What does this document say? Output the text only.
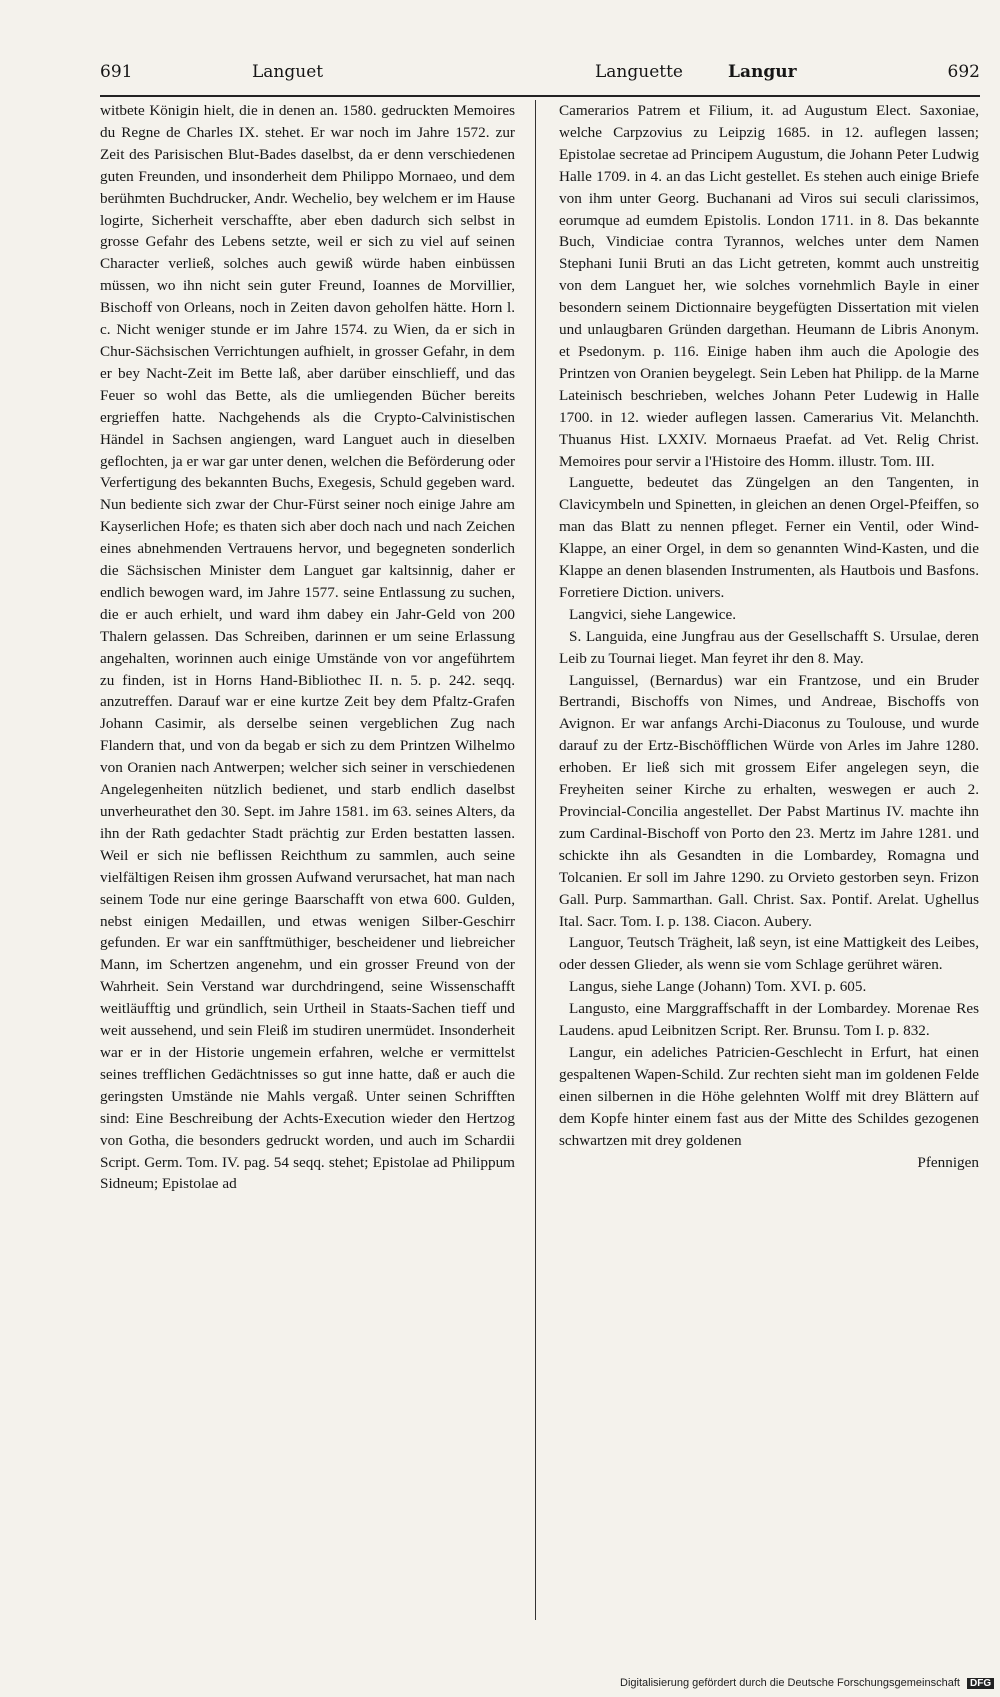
691	Languet	Languette	Langur	692

witbete Königin hielt, die in denen an. 1580. gedruckten Memoires du Regne de Charles IX. stehet. Er war noch im Jahre 1572. zur Zeit des Parisischen Blut-Bades daselbst, da er denn verschiedenen guten Freunden, und insonderheit dem Philippo Mornaeo, und dem berühmten Buchdrucker, Andr. Wechelio, bey welchem er im Hause logirte, Sicherheit verschaffte, aber eben dadurch sich selbst in grosse Gefahr des Lebens setzte, weil er sich zu viel auf seinen Character verließ, solches auch gewiß würde haben einbüssen müssen, wo ihn nicht sein guter Freund, Ioannes de Morvillier, Bischoff von Orleans, noch in Zeiten davon geholfen hätte. Horn l. c. Nicht weniger stunde er im Jahre 1574. zu Wien, da er sich in Chur-Sächsischen Verrichtungen aufhielt, in grosser Gefahr, in dem er bey Nacht-Zeit im Bette laß, aber darüber einschlieff, und das Feuer so wohl das Bette, als die umliegenden Bücher bereits ergrieffen hatte. Nachgehends als die Crypto-Calvinistischen Händel in Sachsen angiengen, ward Languet auch in dieselben geflochten, ja er war gar unter denen, welchen die Beförderung oder Verfertigung des bekannten Buchs, Exegesis, Schuld gegeben ward. Nun bediente sich zwar der Chur-Fürst seiner noch einige Jahre am Kayserlichen Hofe; es thaten sich aber doch nach und nach Zeichen eines abnehmenden Vertrauens hervor, und begegneten sonderlich die Sächsischen Minister dem Languet gar kaltsinnig, daher er endlich bewogen ward, im Jahre 1577. seine Entlassung zu suchen, die er auch erhielt, und ward ihm dabey ein Jahr-Geld von 200 Thalern gelassen. Das Schreiben, darinnen er um seine Erlassung angehalten, worinnen auch einige Umstände von vor angeführtem zu finden, ist in Horns Hand-Bibliothec II. n. 5. p. 242. seqq. anzutreffen. Darauf war er eine kurtze Zeit bey dem Pfaltz-Grafen Johann Casimir, als derselbe seinen vergeblichen Zug nach Flandern that, und von da begab er sich zu dem Printzen Wilhelmo von Oranien nach Antwerpen; welcher sich seiner in verschiedenen Angelegenheiten nützlich bedienet, und starb endlich daselbst unverheurathet den 30. Sept. im Jahre 1581. im 63. seines Alters, da ihn der Rath gedachter Stadt prächtig zur Erden bestatten lassen. Weil er sich nie beflissen Reichthum zu sammlen, auch seine vielfältigen Reisen ihm grossen Aufwand verursachet, hat man nach seinem Tode nur eine geringe Baarschafft von etwa 600. Gulden, nebst einigen Medaillen, und etwas wenigen Silber-Geschirr gefunden. Er war ein sanfftmüthiger, bescheidener und liebreicher Mann, im Schertzen angenehm, und ein grosser Freund von der Wahrheit. Sein Verstand war durchdringend, seine Wissenschafft weitläufftig und gründlich, sein Urtheil in Staats-Sachen tieff und weit aussehend, und sein Fleiß im studiren unermüdet. Insonderheit war er in der Historie ungemein erfahren, welche er vermittelst seines trefflichen Gedächtnisses so gut inne hatte, daß er auch die geringsten Umstände nie Mahls vergaß. Unter seinen Schrifften sind: Eine Beschreibung der Achts-Execution wieder den Hertzog von Gotha, die besonders gedruckt worden, und auch im Schardii Script. Germ. Tom. IV. pag. 54 seqq. stehet; Epistolae ad Philippum Sidneum; Epistolae ad

Camerarios Patrem et Filium, it. ad Augustum Elect. Saxoniae, welche Carpzovius zu Leipzig 1685. in 12. auflegen lassen; Epistolae secretae ad Principem Augustum, die Johann Peter Ludwig Halle 1709. in 4. an das Licht gestellet. Es stehen auch einige Briefe von ihm unter Georg. Buchanani ad Viros sui seculi clarissimos, eorumque ad eumdem Epistolis. London 1711. in 8. Das bekannte Buch, Vindiciae contra Tyrannos, welches unter dem Namen Stephani Iunii Bruti an das Licht getreten, kommt auch unstreitig von dem Languet her, wie solches vornehmlich Bayle in einer besondern seinem Dictionnaire beygefügten Dissertation mit vielen und unlaugbaren Gründen dargethan. Heumann de Libris Anonym. et Psedonym. p. 116. Einige haben ihm auch die Apologie des Printzen von Oranien beygelegt. Sein Leben hat Philipp. de la Marne Lateinisch beschrieben, welches Johann Peter Ludewig in Halle 1700. in 12. wieder auflegen lassen. Camerarius Vit. Melanchth. Thuanus Hist. LXXIV. Mornaeus Praefat. ad Vet. Relig Christ. Memoires pour servir a l'Histoire des Homm. illustr. Tom. III.

Languette, bedeutet das Züngelgen an den Tangenten, in Clavicymbeln und Spinetten, in gleichen an denen Orgel-Pfeiffen, so man das Blatt zu nennen pfleget. Ferner ein Ventil, oder Wind-Klappe, an einer Orgel, in dem so genannten Wind-Kasten, und die Klappe an denen blasenden Instrumenten, als Hautbois und Basfons. Forretiere Diction. univers.

Langvici, siehe Langewice.

S. Languida, eine Jungfrau aus der Gesellschafft S. Ursulae, deren Leib zu Tournai lieget. Man feyret ihr den 8. May.

Languissel, (Bernardus) war ein Frantzose, und ein Bruder Bertrandi, Bischoffs von Nimes, und Andreae, Bischoffs von Avignon. Er war anfangs Archi-Diaconus zu Toulouse, und wurde darauf zu der Ertz-Bischöfflichen Würde von Arles im Jahre 1280. erhoben. Er ließ sich mit grossem Eifer angelegen seyn, die Freyheiten seiner Kirche zu erhalten, weswegen er auch 2. Provincial-Concilia angestellet. Der Pabst Martinus IV. machte ihn zum Cardinal-Bischoff von Porto den 23. Mertz im Jahre 1281. und schickte ihn als Gesandten in die Lombardey, Romagna und Tolcanien. Er soll im Jahre 1290. zu Orvieto gestorben seyn. Frizon Gall. Purp. Sammarthan. Gall. Christ. Sax. Pontif. Arelat. Ughellus Ital. Sacr. Tom. I. p. 138. Ciacon. Aubery.

Languor, Teutsch Trägheit, laß seyn, ist eine Mattigkeit des Leibes, oder dessen Glieder, als wenn sie vom Schlage gerühret wären.

Langus, siehe Lange (Johann) Tom. XVI. p. 605.

Langusto, eine Marggraffschafft in der Lombardey. Morenae Res Laudens. apud Leibnitzen Script. Rer. Brunsu. Tom I. p. 832.

Langur, ein adeliches Patricien-Geschlecht in Erfurt, hat einen gespaltenen Wapen-Schild. Zur rechten sieht man im goldenen Felde einen silbernen in die Höhe gelehnten Wolff mit drey Blättern auf dem Kopfe hinter einem fast aus der Mitte des Schildes gezogenen schwartzen mit drey goldenen

Pfennigen
Digitalisierung gefördert durch die Deutsche Forschungsgemeinschaft DFG
